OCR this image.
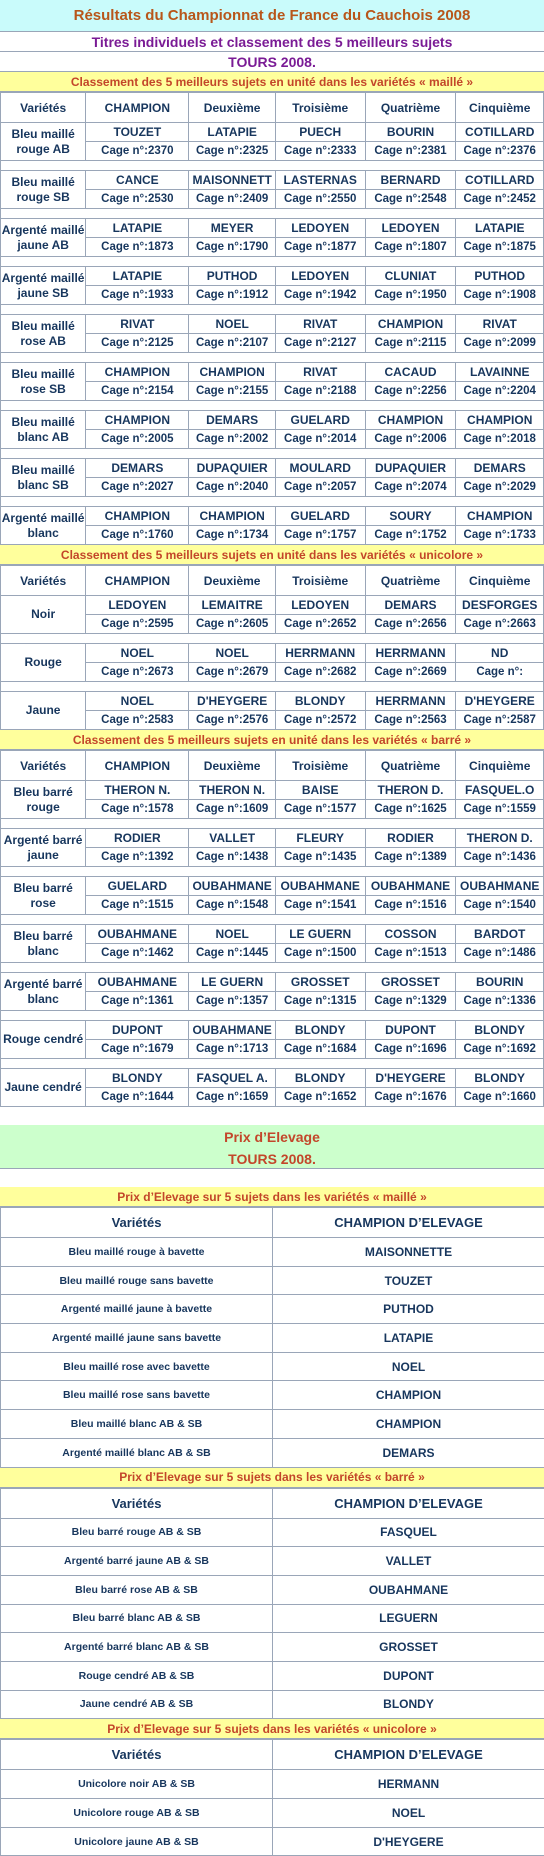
Résultats du Championnat de France du Cauchois 2008
Titres individuels et classement des 5 meilleurs sujets
TOURS 2008.
Classement des 5 meilleurs sujets en unité dans les variétés « maillé »
Variétés	CHAMPION	Deuxième	Troisième	Quatrième	Cinquième
Bleu maillé rouge AB	TOUZET	LATAPIE	PUECH	BOURIN	COTILLARD
	Cage n°:2370	Cage n°:2325	Cage n°:2333	Cage n°:2381	Cage n°:2376

Bleu maillé rouge SB	CANCE	MAISONNETT	LASTERNAS	BERNARD	COTILLARD
	Cage n°:2530	Cage n°:2409	Cage n°:2550	Cage n°:2548	Cage n°:2452

Argenté maillé jaune AB	LATAPIE	MEYER	LEDOYEN	LEDOYEN	LATAPIE
	Cage n°:1873	Cage n°:1790	Cage n°:1877	Cage n°:1807	Cage n°:1875

Argenté maillé jaune SB	LATAPIE	PUTHOD	LEDOYEN	CLUNIAT	PUTHOD
	Cage n°:1933	Cage n°:1912	Cage n°:1942	Cage n°:1950	Cage n°:1908

Bleu maillé rose AB	RIVAT	NOEL	RIVAT	CHAMPION	RIVAT
	Cage n°:2125	Cage n°:2107	Cage n°:2127	Cage n°:2115	Cage n°:2099

Bleu maillé rose SB	CHAMPION	CHAMPION	RIVAT	CACAUD	LAVAINNE
	Cage n°:2154	Cage n°:2155	Cage n°:2188	Cage n°:2256	Cage n°:2204

Bleu maillé blanc AB	CHAMPION	DEMARS	GUELARD	CHAMPION	CHAMPION
	Cage n°:2005	Cage n°:2002	Cage n°:2014	Cage n°:2006	Cage n°:2018

Bleu maillé blanc SB	DEMARS	DUPAQUIER	MOULARD	DUPAQUIER	DEMARS
	Cage n°:2027	Cage n°:2040	Cage n°:2057	Cage n°:2074	Cage n°:2029

Argenté maillé blanc	CHAMPION	CHAMPION	GUELARD	SOURY	CHAMPION
	Cage n°:1760	Cage n°:1734	Cage n°:1757	Cage n°:1752	Cage n°:1733
Classement des 5 meilleurs sujets en unité dans les variétés « unicolore »
Variétés	CHAMPION	Deuxième	Troisième	Quatrième	Cinquième
Noir	LEDOYEN	LEMAITRE	LEDOYEN	DEMARS	DESFORGES
	Cage n°:2595	Cage n°:2605	Cage n°:2652	Cage n°:2656	Cage n°:2663

Rouge	NOEL	NOEL	HERRMANN	HERRMANN	ND
	Cage n°:2673	Cage n°:2679	Cage n°:2682	Cage n°:2669	Cage n°:

Jaune	NOEL	D'HEYGERE	BLONDY	HERRMANN	D'HEYGERE
	Cage n°:2583	Cage n°:2576	Cage n°:2572	Cage n°:2563	Cage n°:2587
Classement des 5 meilleurs sujets en unité dans les variétés « barré »
Variétés	CHAMPION	Deuxième	Troisième	Quatrième	Cinquième
Bleu barré rouge	THERON N.	THERON N.	BAISE	THERON D.	FASQUEL.O
	Cage n°:1578	Cage n°:1609	Cage n°:1577	Cage n°:1625	Cage n°:1559

Argenté barré jaune	RODIER	VALLET	FLEURY	RODIER	THERON D.
	Cage n°:1392	Cage n°:1438	Cage n°:1435	Cage n°:1389	Cage n°:1436

Bleu barré rose	GUELARD	OUBAHMANE	OUBAHMANE	OUBAHMANE	OUBAHMANE
	Cage n°:1515	Cage n°:1548	Cage n°:1541	Cage n°:1516	Cage n°:1540

Bleu barré blanc	OUBAHMANE	NOEL	LE GUERN	COSSON	BARDOT
	Cage n°:1462	Cage n°:1445	Cage n°:1500	Cage n°:1513	Cage n°:1486

Argenté barré blanc	OUBAHMANE	LE GUERN	GROSSET	GROSSET	BOURIN
	Cage n°:1361	Cage n°:1357	Cage n°:1315	Cage n°:1329	Cage n°:1336

Rouge cendré	DUPONT	OUBAHMANE	BLONDY	DUPONT	BLONDY
	Cage n°:1679	Cage n°:1713	Cage n°:1684	Cage n°:1696	Cage n°:1692

Jaune cendré	BLONDY	FASQUEL A.	BLONDY	D'HEYGERE	BLONDY
	Cage n°:1644	Cage n°:1659	Cage n°:1652	Cage n°:1676	Cage n°:1660
Prix d’Elevage
TOURS 2008.
Prix d’Elevage sur 5 sujets dans les variétés « maillé »
Variétés	CHAMPION D’ELEVAGE
Bleu maillé rouge à bavette	MAISONNETTE
Bleu maillé rouge sans bavette	TOUZET
Argenté maillé jaune à bavette	PUTHOD
Argenté maillé jaune sans bavette	LATAPIE
Bleu maillé rose avec bavette	NOEL
Bleu maillé rose sans bavette	CHAMPION
Bleu maillé blanc AB & SB	CHAMPION
Argenté maillé blanc AB & SB	DEMARS
Prix d’Elevage sur 5 sujets dans les variétés « barré »
Variétés	CHAMPION D’ELEVAGE
Bleu barré rouge AB & SB	FASQUEL
Argenté barré jaune AB & SB	VALLET
Bleu barré rose AB & SB	OUBAHMANE
Bleu barré blanc AB & SB	LEGUERN
Argenté barré blanc AB & SB	GROSSET
Rouge cendré AB & SB	DUPONT
Jaune cendré AB & SB	BLONDY
Prix d’Elevage sur 5 sujets dans les variétés « unicolore »
Variétés	CHAMPION D’ELEVAGE
Unicolore noir AB & SB	HERMANN
Unicolore rouge AB & SB	NOEL
Unicolore jaune AB & SB	D'HEYGERE
